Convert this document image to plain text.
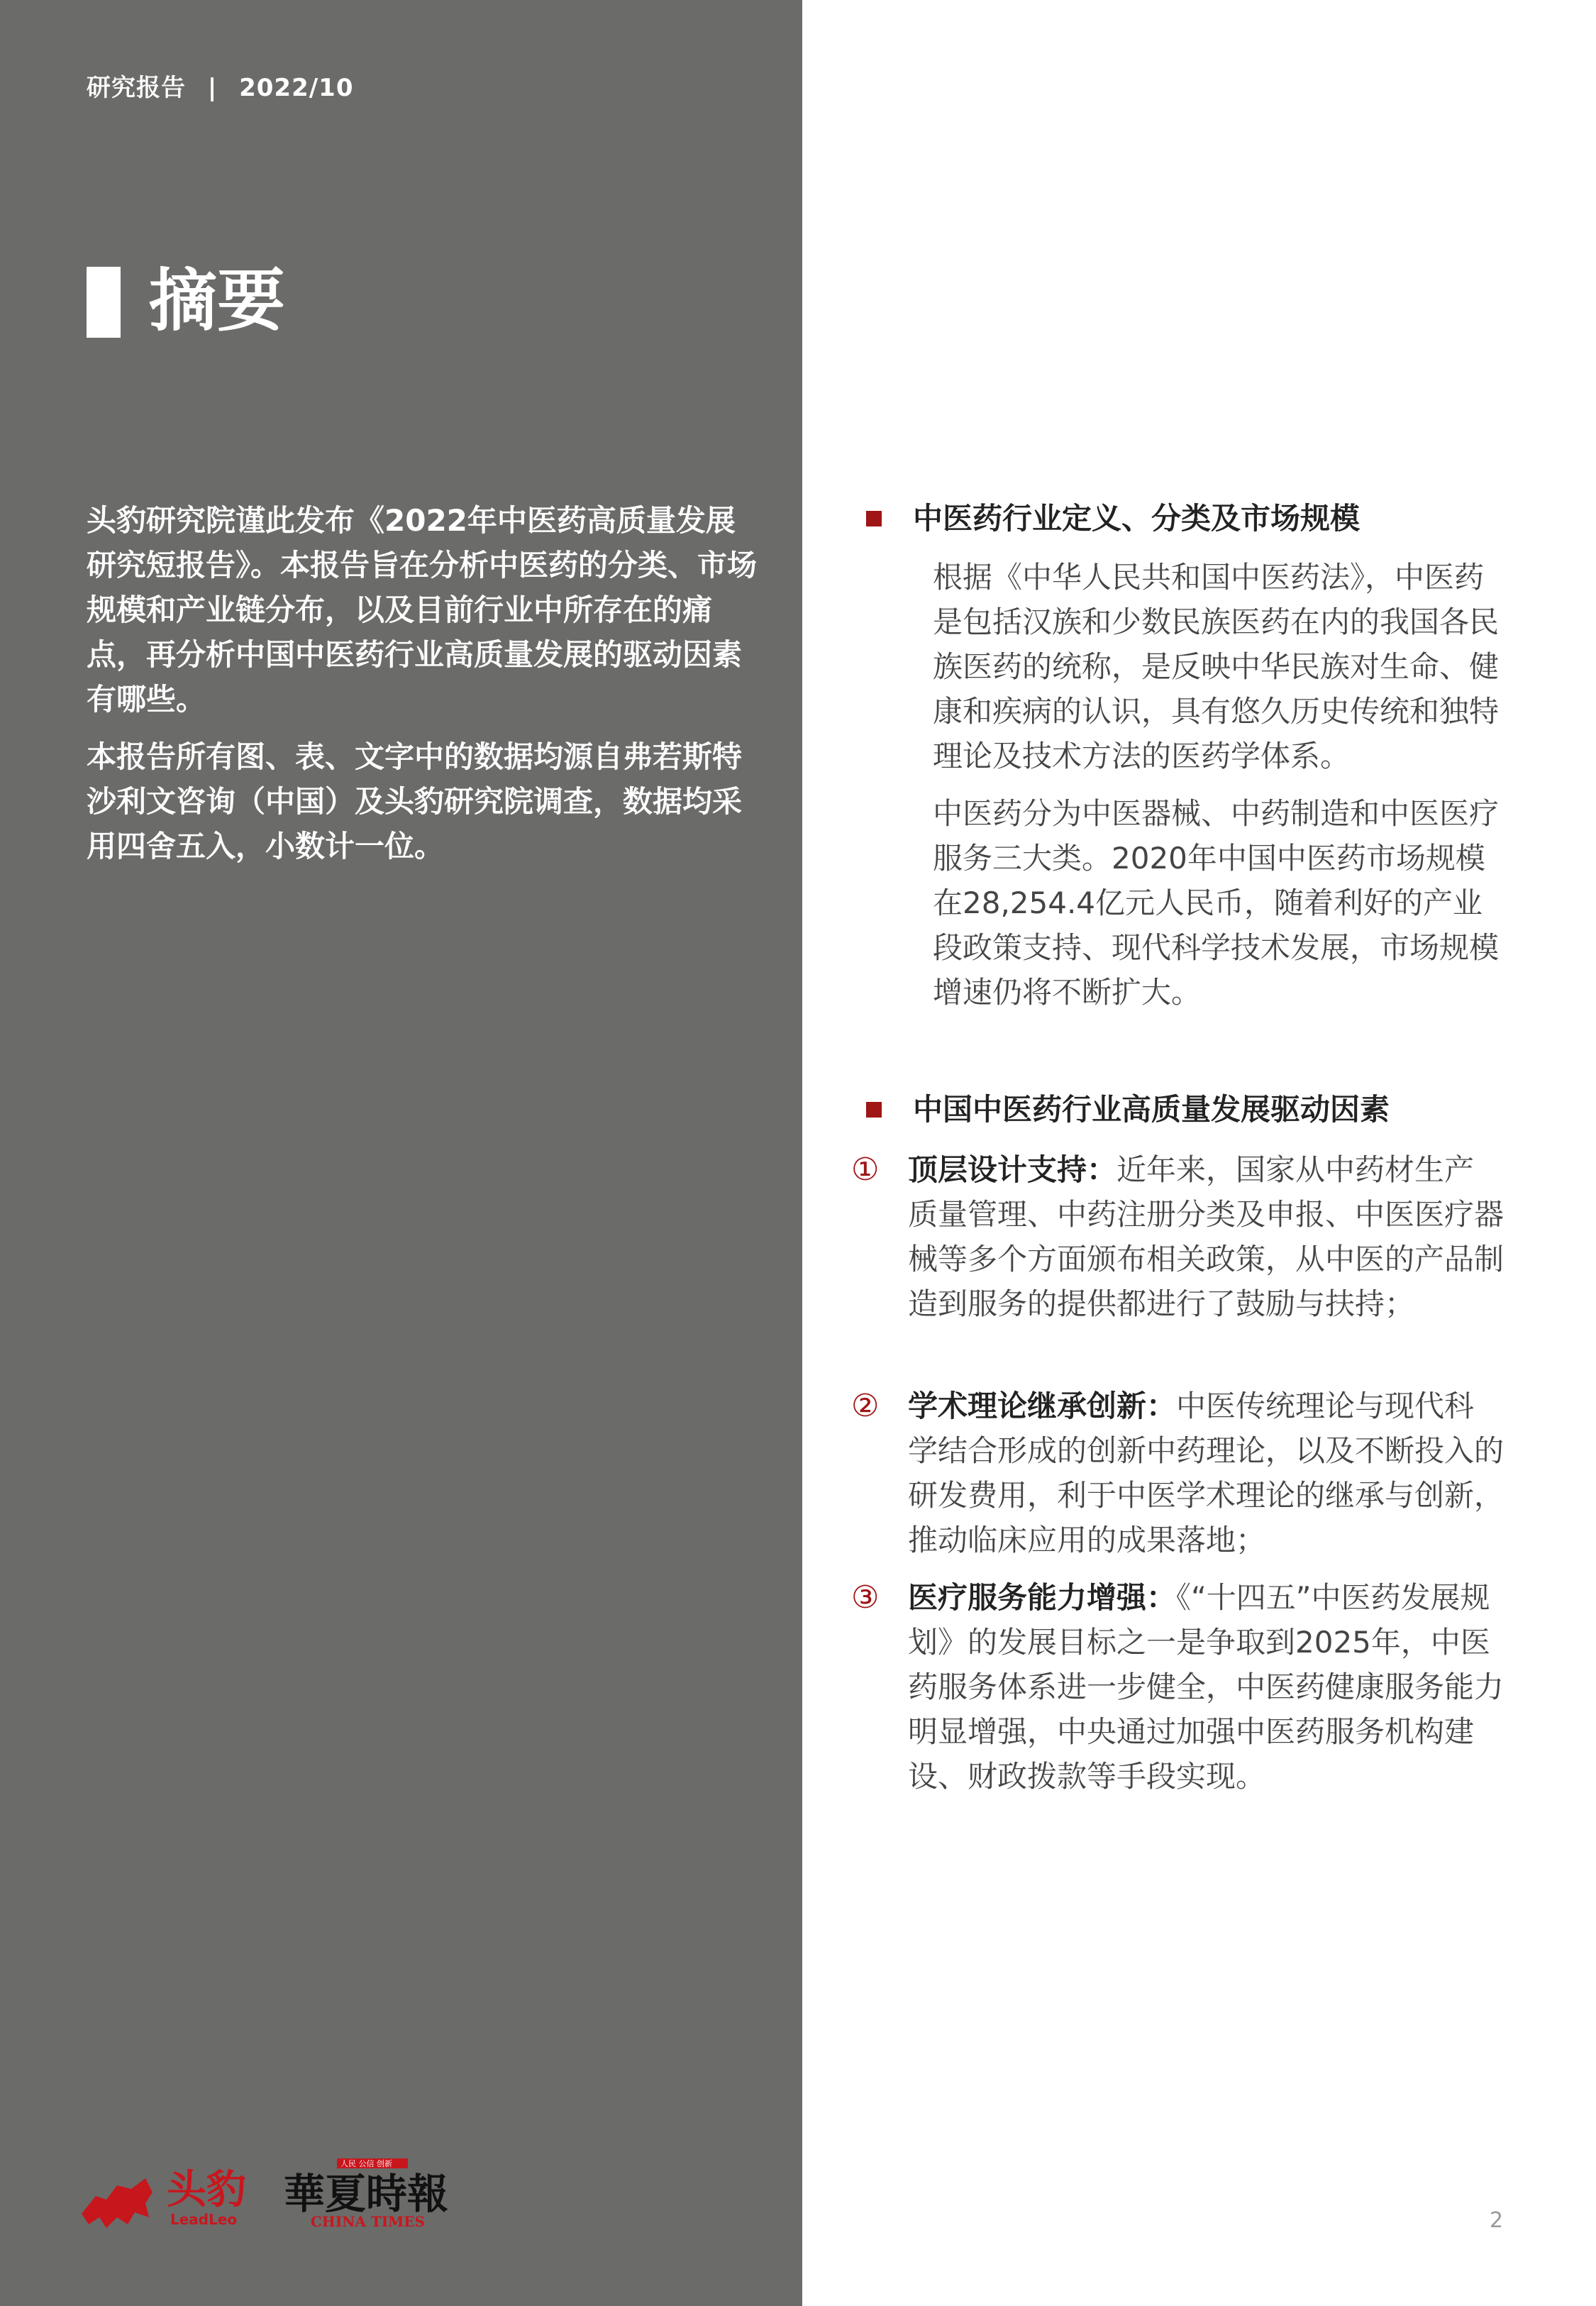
研究报告 | 2022/10
摘要

头豹研究院谨此发布《2022年中医药高质量发展研究短报告》。本报告旨在分析中医药的分类、市场规模和产业链分布，以及目前行业中所存在的痛点，再分析中国中医药行业高质量发展的驱动因素有哪些。

本报告所有图、表、文字中的数据均源自弗若斯特沙利文咨询（中国）及头豹研究院调查，数据均采用四舍五入，小数计一位。

头豹
LeadLeo
人民 公信 创新
華夏時報
CHINA TIMES
中医药行业定义、分类及市场规模

根据《中华人民共和国中医药法》，中医药是包括汉族和少数民族医药在内的我国各民族医药的统称，是反映中华民族对生命、健康和疾病的认识，具有悠久历史传统和独特理论及技术方法的医药学体系。

中医药分为中医器械、中药制造和中医医疗服务三大类。2020年中国中医药市场规模在28,254.4亿元人民币，随着利好的产业段政策支持、现代科学技术发展，市场规模增速仍将不断扩大。

中国中医药行业高质量发展驱动因素
① 顶层设计支持：近年来，国家从中药材生产质量管理、中药注册分类及申报、中医医疗器械等多个方面颁布相关政策，从中医的产品制造到服务的提供都进行了鼓励与扶持；
② 学术理论继承创新：中医传统理论与现代科学结合形成的创新中药理论，以及不断投入的研发费用，利于中医学术理论的继承与创新，推动临床应用的成果落地；
③ 医疗服务能力增强：《“十四五”中医药发展规划》的发展目标之一是争取到2025年，中医药服务体系进一步健全，中医药健康服务能力明显增强，中央通过加强中医药服务机构建设、财政拨款等手段实现。
2
